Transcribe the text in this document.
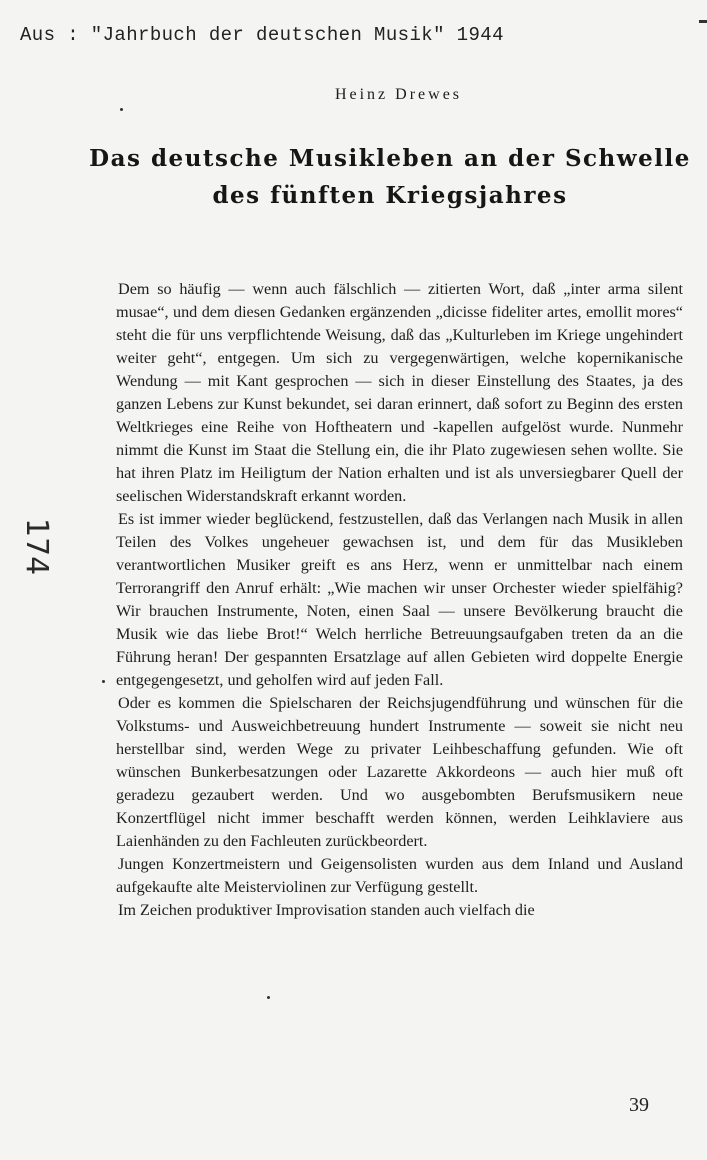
Aus : "Jahrbuch der deutschen Musik" 1944
Heinz Drewes
Das deutsche Musikleben an der Schwelle
des fünften Kriegsjahres
174

Dem so häufig — wenn auch fälschlich — zitierten Wort, daß „inter arma silent musae“, und dem diesen Gedanken ergänzenden „dicisse fideliter artes, emollit mores“ steht die für uns verpflichtende Weisung, daß das „Kulturleben im Kriege ungehindert weiter geht“, entgegen. Um sich zu vergegenwärtigen, welche kopernikanische Wendung — mit Kant gesprochen — sich in dieser Einstellung des Staates, ja des ganzen Lebens zur Kunst bekundet, sei daran erinnert, daß sofort zu Beginn des ersten Weltkrieges eine Reihe von Hoftheatern und -kapellen aufgelöst wurde. Nunmehr nimmt die Kunst im Staat die Stellung ein, die ihr Plato zugewiesen sehen wollte. Sie hat ihren Platz im Heiligtum der Nation erhalten und ist als unversiegbarer Quell der seelischen Widerstandskraft erkannt worden.

Es ist immer wieder beglückend, festzustellen, daß das Verlangen nach Musik in allen Teilen des Volkes ungeheuer gewachsen ist, und dem für das Musikleben verantwortlichen Musiker greift es ans Herz, wenn er unmittelbar nach einem Terrorangriff den Anruf erhält: „Wie machen wir unser Orchester wieder spielfähig? Wir brauchen Instrumente, Noten, einen Saal — unsere Bevölkerung braucht die Musik wie das liebe Brot!“ Welch herrliche Betreuungsaufgaben treten da an die Führung heran! Der gespannten Ersatzlage auf allen Gebieten wird doppelte Energie entgegengesetzt, und geholfen wird auf jeden Fall.

Oder es kommen die Spielscharen der Reichsjugendführung und wünschen für die Volkstums- und Ausweichbetreuung hundert Instrumente — soweit sie nicht neu herstellbar sind, werden Wege zu privater Leihbeschaffung gefunden. Wie oft wünschen Bunkerbesatzungen oder Lazarette Akkordeons — auch hier muß oft geradezu gezaubert werden. Und wo ausgebombten Berufsmusikern neue Konzertflügel nicht immer beschafft werden können, werden Leihklaviere aus Laienhänden zu den Fachleuten zurückbeordert.

Jungen Konzertmeistern und Geigensolisten wurden aus dem Inland und Ausland aufgekaufte alte Meisterviolinen zur Verfügung gestellt.

Im Zeichen produktiver Improvisation standen auch vielfach die

39
